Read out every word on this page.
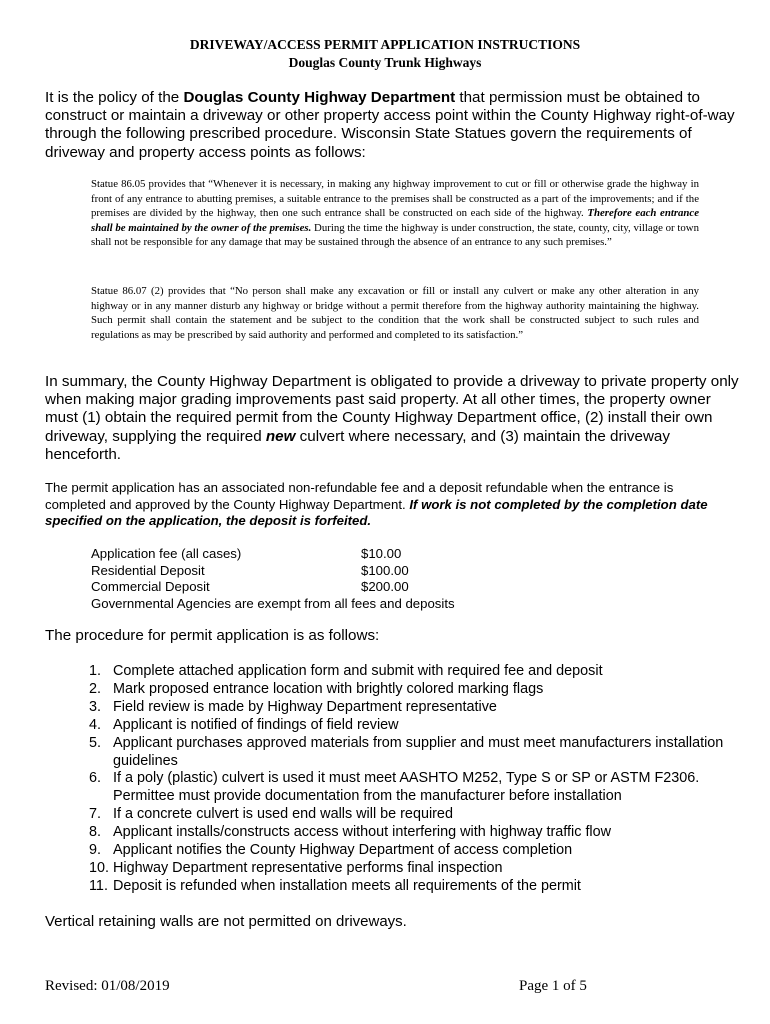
DRIVEWAY/ACCESS PERMIT APPLICATION INSTRUCTIONS
Douglas County Trunk Highways
It is the policy of the Douglas County Highway Department that permission must be obtained to construct or maintain a driveway or other property access point within the County Highway right-of-way through the following prescribed procedure. Wisconsin State Statues govern the requirements of driveway and property access points as follows:
Statue 86.05 provides that “Whenever it is necessary, in making any highway improvement to cut or fill or otherwise grade the highway in front of any entrance to abutting premises, a suitable entrance to the premises shall be constructed as a part of the improvements; and if the premises are divided by the highway, then one such entrance shall be constructed on each side of the highway. Therefore each entrance shall be maintained by the owner of the premises. During the time the highway is under construction, the state, county, city, village or town shall not be responsible for any damage that may be sustained through the absence of an entrance to any such premises.”
Statue 86.07 (2) provides that “No person shall make any excavation or fill or install any culvert or make any other alteration in any highway or in any manner disturb any highway or bridge without a permit therefore from the highway authority maintaining the highway. Such permit shall contain the statement and be subject to the condition that the work shall be constructed subject to such rules and regulations as may be prescribed by said authority and performed and completed to its satisfaction.”
In summary, the County Highway Department is obligated to provide a driveway to private property only when making major grading improvements past said property. At all other times, the property owner must (1) obtain the required permit from the County Highway Department office, (2) install their own driveway, supplying the required new culvert where necessary, and (3) maintain the driveway henceforth.
The permit application has an associated non-refundable fee and a deposit refundable when the entrance is completed and approved by the County Highway Department. If work is not completed by the completion date specified on the application, the deposit is forfeited.
Application fee (all cases)	$10.00
Residential Deposit	$100.00
Commercial Deposit	$200.00
Governmental Agencies are exempt from all fees and deposits
The procedure for permit application is as follows:
1. Complete attached application form and submit with required fee and deposit
2. Mark proposed entrance location with brightly colored marking flags
3. Field review is made by Highway Department representative
4. Applicant is notified of findings of field review
5. Applicant purchases approved materials from supplier and must meet manufacturers installation guidelines
6. If a poly (plastic) culvert is used it must meet AASHTO M252, Type S or SP or ASTM F2306. Permittee must provide documentation from the manufacturer before installation
7. If a concrete culvert is used end walls will be required
8. Applicant installs/constructs access without interfering with highway traffic flow
9. Applicant notifies the County Highway Department of access completion
10. Highway Department representative performs final inspection
11. Deposit is refunded when installation meets all requirements of the permit
Vertical retaining walls are not permitted on driveways.
Revised: 01/08/2019	Page 1 of 5
